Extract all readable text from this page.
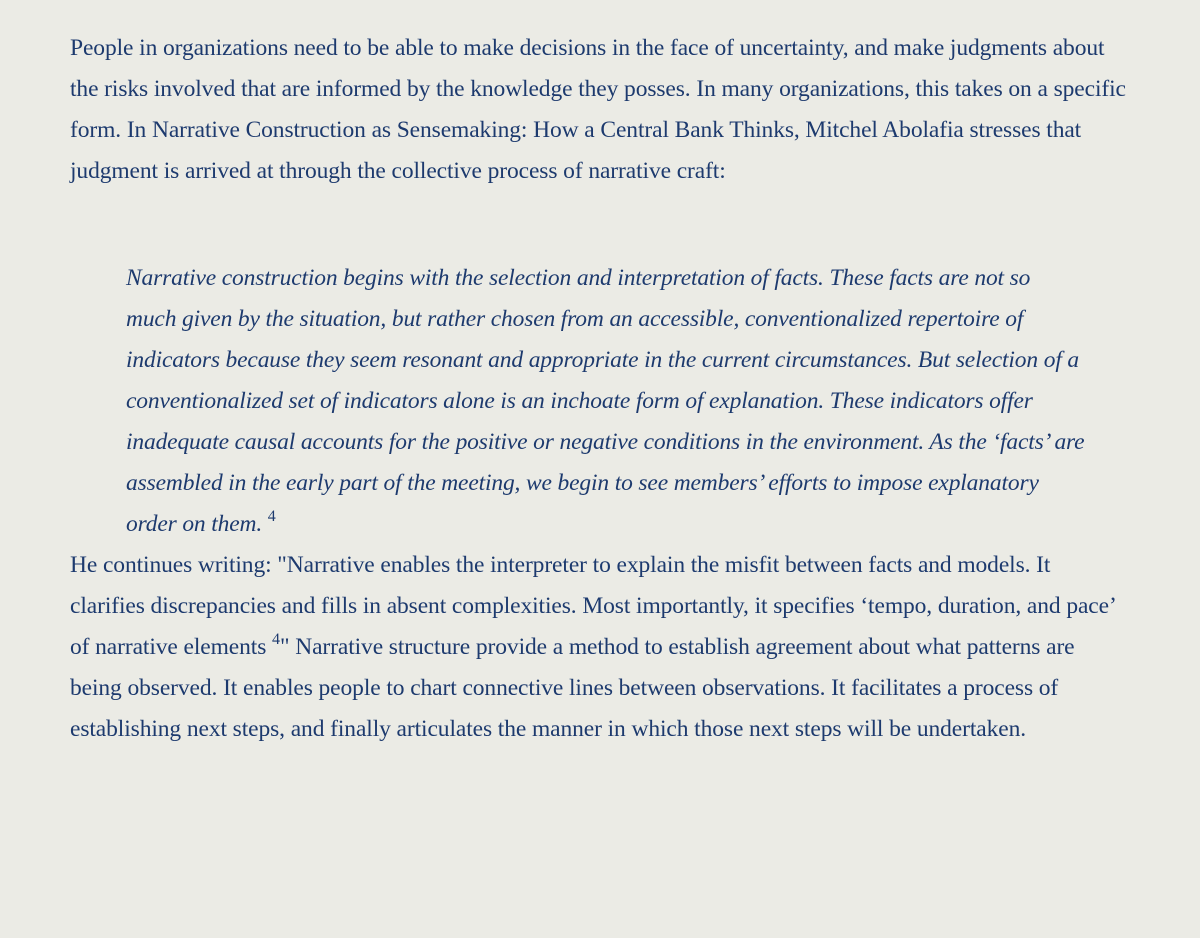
People in organizations need to be able to make decisions in the face of uncertainty, and make judgments about the risks involved that are informed by the knowledge they posses. In many organizations, this takes on a specific form. In Narrative Construction as Sensemaking: How a Central Bank Thinks, Mitchel Abolafia stresses that judgment is arrived at through the collective process of narrative craft:

Narrative construction begins with the selection and interpretation of facts. These facts are not so much given by the situation, but rather chosen from an accessible, conventionalized repertoire of indicators because they seem resonant and appropriate in the current circumstances. But selection of a conventionalized set of indicators alone is an inchoate form of explanation. These indicators offer inadequate causal accounts for the positive or negative conditions in the environment. As the ‘facts’ are assembled in the early part of the meeting, we begin to see members’ efforts to impose explanatory order on them. $^4$

He continues writing: "Narrative enables the interpreter to explain the misfit between facts and models. It clarifies discrepancies and fills in absent complexities. Most importantly, it specifies ‘tempo, duration, and pace’ of narrative elements $^4$" Narrative structure provide a method to establish agreement about what patterns are being observed. It enables people to chart connective lines between observations. It facilitates a process of establishing next steps, and finally articulates the manner in which those next steps will be undertaken.
